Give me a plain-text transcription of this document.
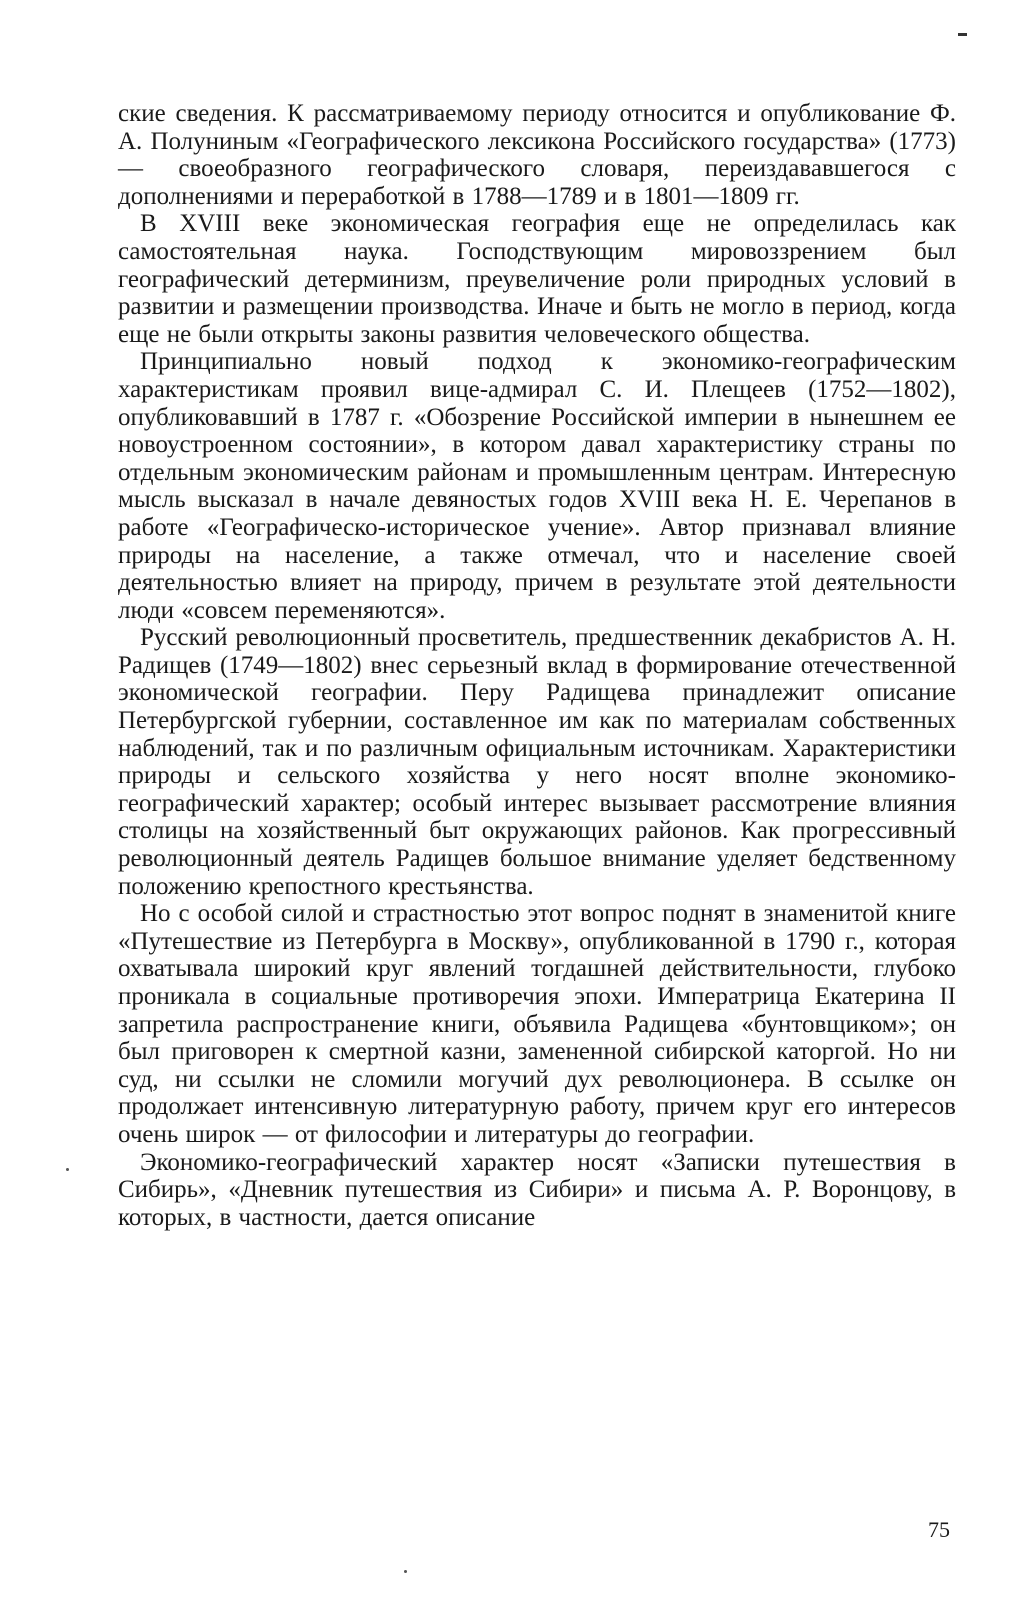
ские сведения. К рассматриваемому периоду относится и опубликование Ф. А. Полуниным «Географического лексикона Российского государства» (1773) — своеобразного географического словаря, переиздававшегося с дополнениями и переработкой в 1788—1789 и в 1801—1809 гг.

В XVIII веке экономическая география еще не определилась как самостоятельная наука. Господствующим мировоззрением был географический детерминизм, преувеличение роли природных условий в развитии и размещении производства. Иначе и быть не могло в период, когда еще не были открыты законы развития человеческого общества.

Принципиально новый подход к экономико-географическим характеристикам проявил вице-адмирал С. И. Плещеев (1752—1802), опубликовавший в 1787 г. «Обозрение Российской империи в нынешнем ее новоустроенном состоянии», в котором давал характеристику страны по отдельным экономическим районам и промышленным центрам. Интересную мысль высказал в начале девяностых годов XVIII века Н. Е. Черепанов в работе «Географическо-историческое учение». Автор признавал влияние природы на население, а также отмечал, что и население своей деятельностью влияет на природу, причем в результате этой деятельности люди «совсем переменяются».

Русский революционный просветитель, предшественник декабристов А. Н. Радищев (1749—1802) внес серьезный вклад в формирование отечественной экономической географии. Перу Радищева принадлежит описание Петербургской губернии, составленное им как по материалам собственных наблюдений, так и по различным официальным источникам. Характеристики природы и сельского хозяйства у него носят вполне экономико-географический характер; особый интерес вызывает рассмотрение влияния столицы на хозяйственный быт окружающих районов. Как прогрессивный революционный деятель Радищев большое внимание уделяет бедственному положению крепостного крестьянства.

Но с особой силой и страстностью этот вопрос поднят в знаменитой книге «Путешествие из Петербурга в Москву», опубликованной в 1790 г., которая охватывала широкий круг явлений тогдашней действительности, глубоко проникала в социальные противоречия эпохи. Императрица Екатерина II запретила распространение книги, объявила Радищева «бунтовщиком»; он был приговорен к смертной казни, замененной сибирской каторгой. Но ни суд, ни ссылки не сломили могучий дух революционера. В ссылке он продолжает интенсивную литературную работу, причем круг его интересов очень широк — от философии и литературы до географии.

Экономико-географический характер носят «Записки путешествия в Сибирь», «Дневник путешествия из Сибири» и письма А. Р. Воронцову, в которых, в частности, дается описание

75
